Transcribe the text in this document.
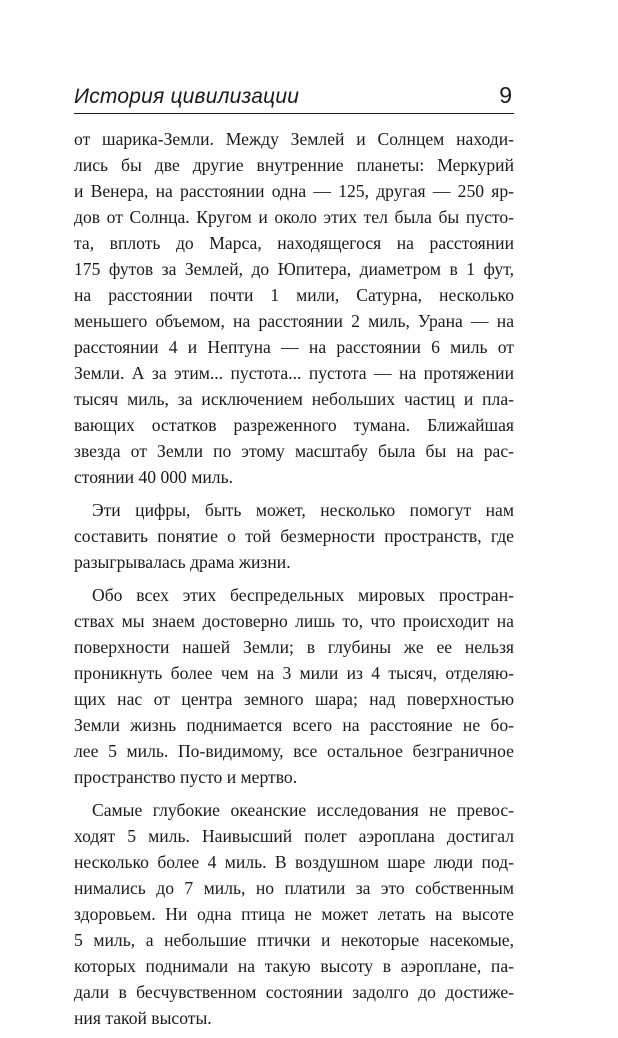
История цивилизации	9
от шарика-Земли. Между Землей и Солнцем находи-
лись бы две другие внутренние планеты: Меркурий
и Венера, на расстоянии одна — 125, другая — 250 яр-
дов от Солнца. Кругом и около этих тел была бы пусто-
та, вплоть до Марса, находящегося на расстоянии
175 футов за Землей, до Юпитера, диаметром в 1 фут,
на расстоянии почти 1 мили, Сатурна, несколько
меньшего объемом, на расстоянии 2 миль, Урана — на
расстоянии 4 и Нептуна — на расстоянии 6 миль от
Земли. А за этим... пустота... пустота — на протяжении
тысяч миль, за исключением небольших частиц и пла-
вающих остатков разреженного тумана. Ближайшая
звезда от Земли по этому масштабу была бы на рас-
стоянии 40 000 миль.
Эти цифры, быть может, несколько помогут нам
составить понятие о той безмерности пространств, где
разыгрывалась драма жизни.
Обо всех этих беспредельных мировых простран-
ствах мы знаем достоверно лишь то, что происходит на
поверхности нашей Земли; в глубины же ее нельзя
проникнуть более чем на 3 мили из 4 тысяч, отделяю-
щих нас от центра земного шара; над поверхностью
Земли жизнь поднимается всего на расстояние не бо-
лее 5 миль. По-видимому, все остальное безграничное
пространство пусто и мертво.
Самые глубокие океанские исследования не превос-
ходят 5 миль. Наивысший полет аэроплана достигал
несколько более 4 миль. В воздушном шаре люди под-
нимались до 7 миль, но платили за это собственным
здоровьем. Ни одна птица не может летать на высоте
5 миль, а небольшие птички и некоторые насекомые,
которых поднимали на такую высоту в аэроплане, па-
дали в бесчувственном состоянии задолго до достиже-
ния такой высоты.
